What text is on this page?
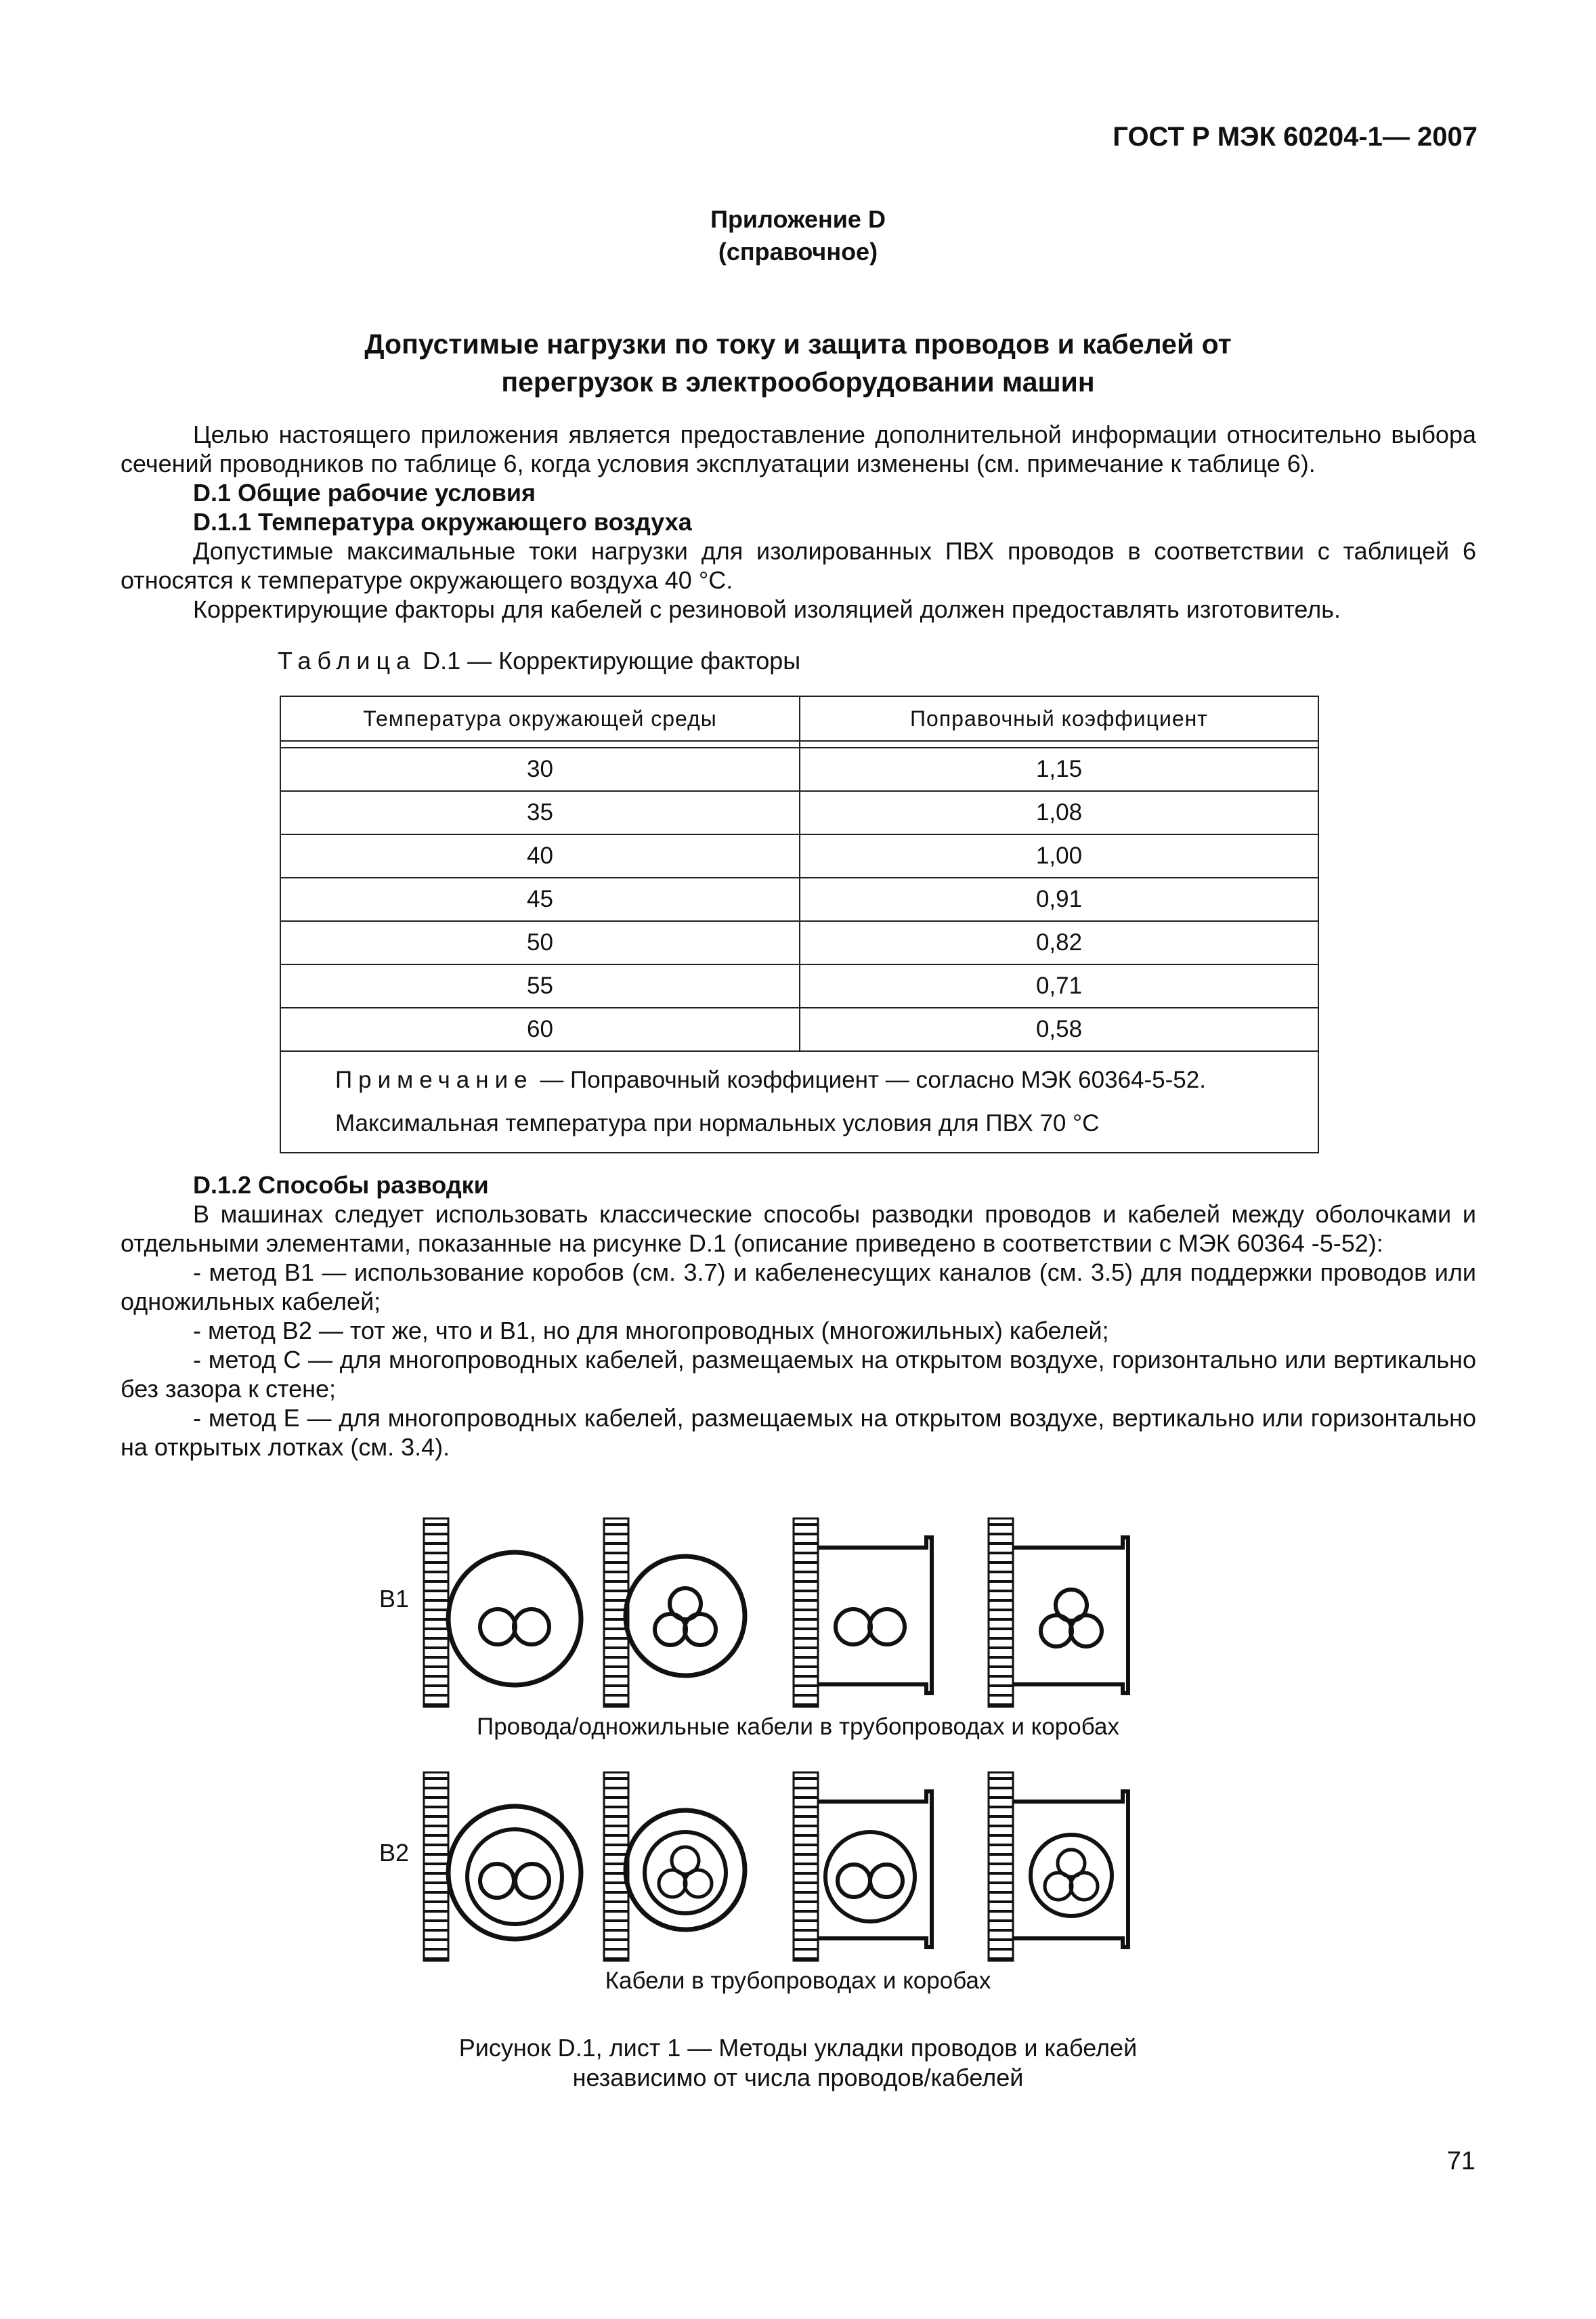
ГОСТ Р МЭК 60204-1— 2007
Приложение D
(справочное)
Допустимые нагрузки по току и защита проводов и кабелей от
перегрузок в электрооборудовании машин

Целью настоящего приложения является предоставление дополнительной информации относительно выбора сечений проводников по таблице 6, когда условия эксплуатации изменены (см. примечание к таблице 6).

D.1 Общие рабочие условия

D.1.1 Температура окружающего воздуха

Допустимые максимальные токи нагрузки для изолированных ПВХ проводов в соответствии с таблицей 6 относятся к температуре окружающего воздуха 40 °С.

Корректирующие факторы для кабелей с резиновой изоляцией должен предоставлять изготовитель.

Таблица D.1 — Корректирующие факторы
Температура окружающей среды	Поправочный коэффициент

30	1,15
35	1,08
40	1,00
45	0,91
50	0,82
55	0,71
60	0,58

Примечание — Поправочный коэффициент — согласно МЭК 60364-5-52.
Максимальная температура при нормальных условия для ПВХ 70 °С	

D.1.2 Способы разводки

В машинах следует использовать классические способы разводки проводов и кабелей между оболочками и отдельными элементами, показанные на рисунке D.1 (описание приведено в соответствии с МЭК 60364 -5-52):

- метод В1 — использование коробов (см. 3.7) и кабеленесущих каналов (см. 3.5) для поддержки проводов или одножильных кабелей;

- метод В2 — тот же, что и В1, но для многопроводных (многожильных) кабелей;

- метод С — для многопроводных кабелей, размещаемых на открытом воздухе, горизонтально или вертикально без зазора к стене;

- метод Е — для многопроводных кабелей, размещаемых на открытом воздухе, вертикально или горизонтально на открытых лотках (см. 3.4).

В1
Провода/одножильные кабели в трубопроводах и коробах
В2
Кабели в трубопроводах и коробах
Рисунок D.1, лист 1 — Методы укладки проводов и кабелей
независимо от числа проводов/кабелей
71
